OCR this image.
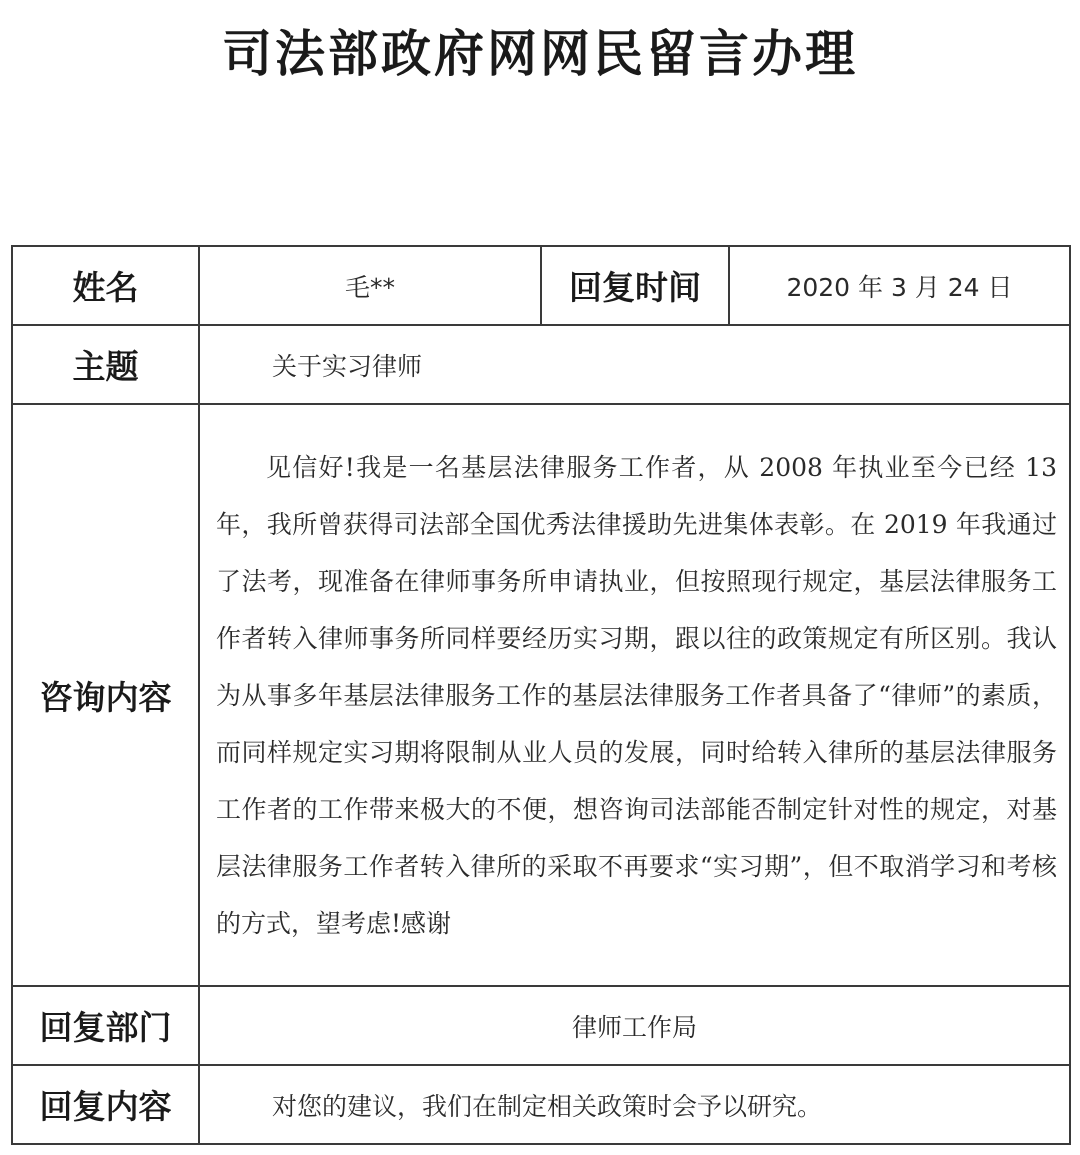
司法部政府网网民留言办理
姓名	毛**	回复时间	2020 年 3 月 24 日
主题	关于实习律师		
咨询内容	见信好!我是一名基层法律服务工作者，从 2008 年执业至今已经 13 年，我所曾获得司法部全国优秀法律援助先进集体表彰。在 2019 年我通过了法考，现准备在律师事务所申请执业，但按照现行规定，基层法律服务工作者转入律师事务所同样要经历实习期，跟以往的政策规定有所区别。我认为从事多年基层法律服务工作的基层法律服务工作者具备了“律师”的素质，而同样规定实习期将限制从业人员的发展，同时给转入律所的基层法律服务工作者的工作带来极大的不便，想咨询司法部能否制定针对性的规定，对基层法律服务工作者转入律所的采取不再要求“实习期”，但不取消学习和考核的方式，望考虑!感谢		
回复部门	律师工作局		
回复内容	对您的建议，我们在制定相关政策时会予以研究。		
